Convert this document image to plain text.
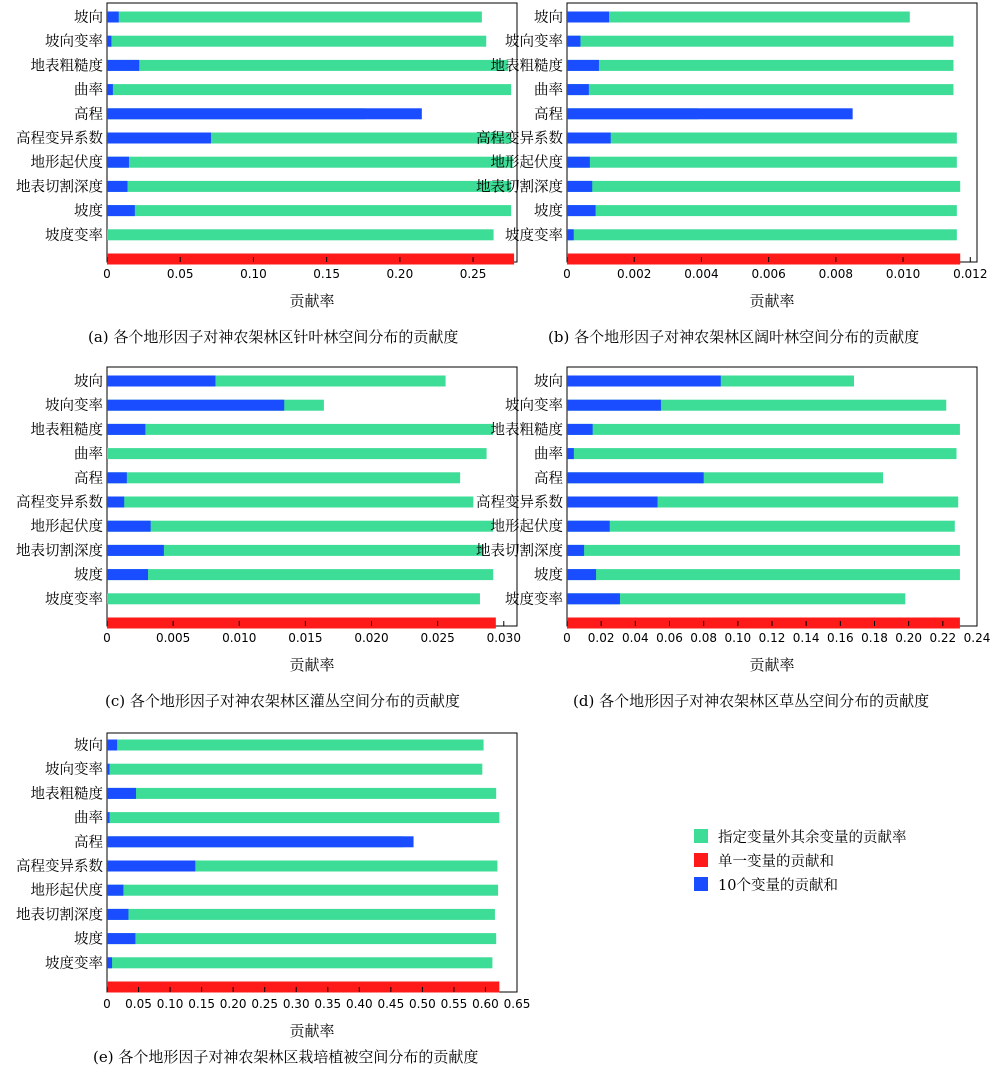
坡向
坡向变率
地表粗糙度
曲率
高程
高程变异系数
地形起伏度
地表切割深度
坡度
坡度变率
0	0.05	0.10	0.15	0.20	0.25
贡献率
坡向
坡向变率
地表粗糙度
曲率
高程
高程变异系数
地形起伏度
地表切割深度
坡度
坡度变率
0	0.002	0.004	0.006	0.008	0.010	0.012
贡献率
坡向
坡向变率
地表粗糙度
曲率
高程
高程变异系数
地形起伏度
地表切割深度
坡度
坡度变率
0	0.005	0.010	0.015	0.020	0.025	0.030
贡献率
坡向
坡向变率
地表粗糙度
曲率
高程
高程变异系数
地形起伏度
地表切割深度
坡度
坡度变率
0 0.02 0.04 0.06 0.08 0.10 0.12 0.14 0.16 0.18 0.20 0.22 0.24
贡献率
坡向
坡向变率
地表粗糙度
曲率
高程
高程变异系数
地形起伏度
地表切割深度
坡度
坡度变率
0 0.05 0.10 0.15 0.20 0.25 0.30 0.35 0.40 0.45 0.50 0.55 0.60 0.65
贡献率
指定变量外其余变量的贡献率
单一变量的贡献和
10个变量的贡献和
(a) 各个地形因子对神农架林区针叶林空间分布的贡献度	(b) 各个地形因子对神农架林区阔叶林空间分布的贡献度
(c) 各个地形因子对神农架林区灌丛空间分布的贡献度	(d) 各个地形因子对神农架林区草丛空间分布的贡献度
(e) 各个地形因子对神农架林区栽培植被空间分布的贡献度
